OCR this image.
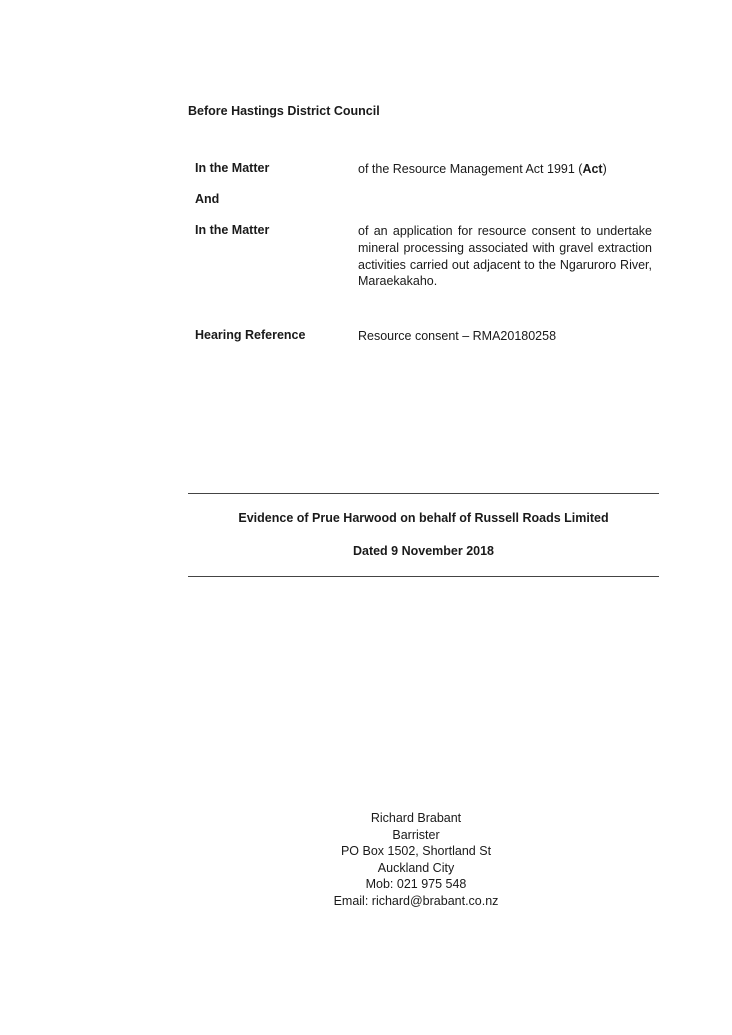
Before Hastings District Council
In the Matter	of the Resource Management Act 1991 (Act)
And
In the Matter	of an application for resource consent to undertake mineral processing associated with gravel extraction activities carried out adjacent to the Ngaruroro River, Maraekakaho.
Hearing Reference	Resource consent – RMA20180258
Evidence of Prue Harwood on behalf of Russell Roads Limited
Dated 9 November 2018
Richard Brabant
Barrister
PO Box 1502, Shortland St
Auckland City
Mob: 021 975 548
Email: richard@brabant.co.nz
